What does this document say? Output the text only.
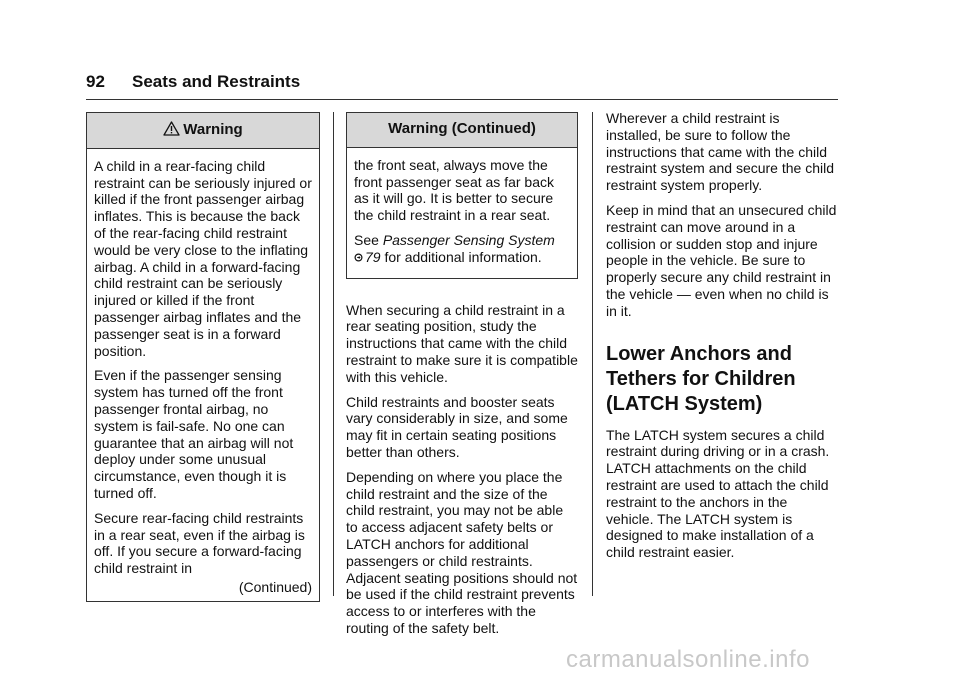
92 Seats and Restraints
Warning

A child in a rear-facing child restraint can be seriously injured or killed if the front passenger airbag inflates. This is because the back of the rear-facing child restraint would be very close to the inflating airbag. A child in a forward-facing child restraint can be seriously injured or killed if the front passenger airbag inflates and the passenger seat is in a forward position.

Even if the passenger sensing system has turned off the front passenger frontal airbag, no system is fail-safe. No one can guarantee that an airbag will not deploy under some unusual circumstance, even though it is turned off.

Secure rear-facing child restraints in a rear seat, even if the airbag is off. If you secure a forward-facing child restraint in

(Continued)
Warning (Continued)

the front seat, always move the front passenger seat as far back as it will go. It is better to secure the child restraint in a rear seat.

See Passenger Sensing System
79 for additional information.

When securing a child restraint in a rear seating position, study the instructions that came with the child restraint to make sure it is compatible with this vehicle.

Child restraints and booster seats vary considerably in size, and some may fit in certain seating positions better than others.

Depending on where you place the child restraint and the size of the child restraint, you may not be able to access adjacent safety belts or LATCH anchors for additional passengers or child restraints. Adjacent seating positions should not be used if the child restraint prevents access to or interferes with the routing of the safety belt.

Wherever a child restraint is installed, be sure to follow the instructions that came with the child restraint system and secure the child restraint system properly.

Keep in mind that an unsecured child restraint can move around in a collision or sudden stop and injure people in the vehicle. Be sure to properly secure any child restraint in the vehicle — even when no child is in it.

Lower Anchors and Tethers for Children (LATCH System)

The LATCH system secures a child restraint during driving or in a crash. LATCH attachments on the child restraint are used to attach the child restraint to the anchors in the vehicle. The LATCH system is designed to make installation of a child restraint easier.

carmanualsonline.info
